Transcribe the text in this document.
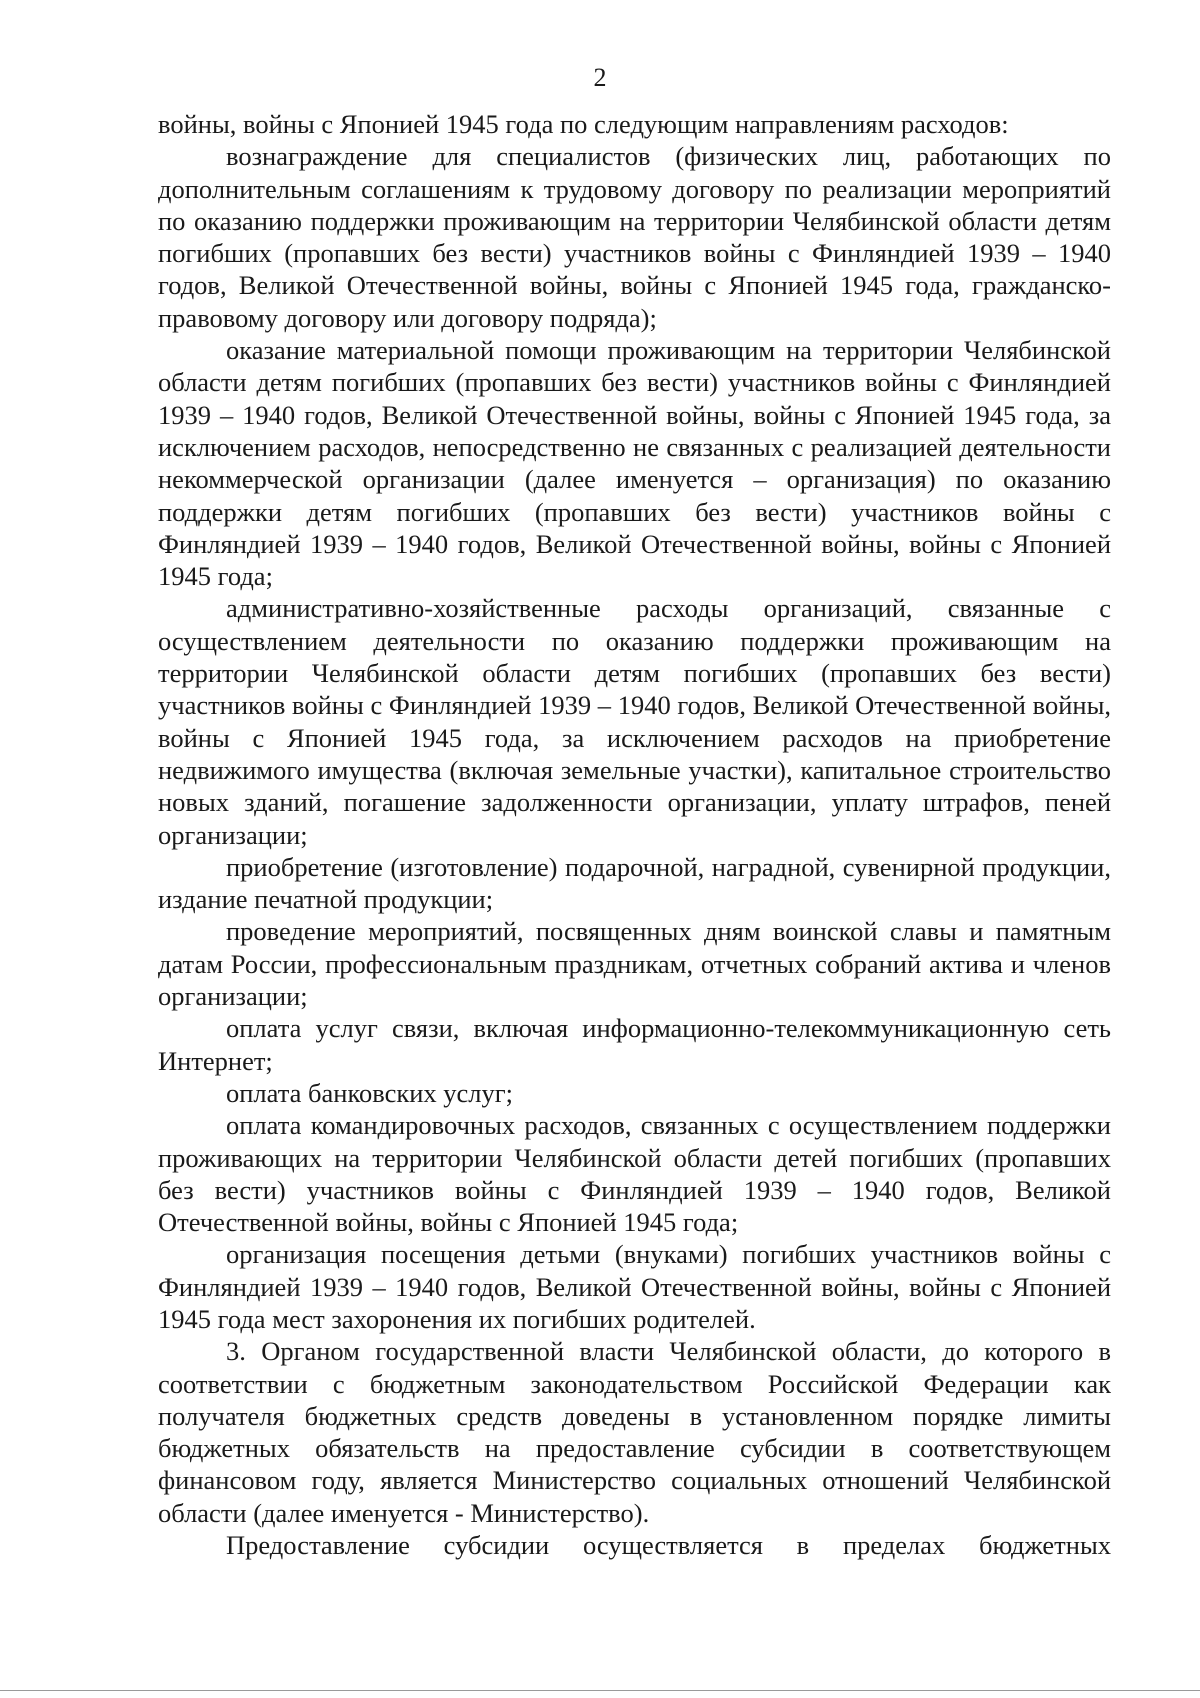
2

войны, войны с Японией 1945 года по следующим направлениям расходов:

вознаграждение для специалистов (физических лиц, работающих по дополнительным соглашениям к трудовому договору по реализации мероприятий по оказанию поддержки проживающим на территории Челябинской области детям погибших (пропавших без вести) участников войны с Финляндией 1939 – 1940 годов, Великой Отечественной войны, войны с Японией 1945 года, гражданско-правовому договору или договору подряда);

оказание материальной помощи проживающим на территории Челябинской области детям погибших (пропавших без вести) участников войны с Финляндией 1939 – 1940 годов, Великой Отечественной войны, войны с Японией 1945 года, за исключением расходов, непосредственно не связанных с реализацией деятельности некоммерческой организации (далее именуется – организация) по оказанию поддержки детям погибших (пропавших без вести) участников войны с Финляндией 1939 – 1940 годов, Великой Отечественной войны, войны с Японией 1945 года;

административно-хозяйственные расходы организаций, связанные с осуществлением деятельности по оказанию поддержки проживающим на территории Челябинской области детям погибших (пропавших без вести) участников войны с Финляндией 1939 – 1940 годов, Великой Отечественной войны, войны с Японией 1945 года, за исключением расходов на приобретение недвижимого имущества (включая земельные участки), капитальное строительство новых зданий, погашение задолженности организации, уплату штрафов, пеней организации;

приобретение (изготовление) подарочной, наградной, сувенирной продукции, издание печатной продукции;

проведение мероприятий, посвященных дням воинской славы и памятным датам России, профессиональным праздникам, отчетных собраний актива и членов организации;

оплата услуг связи, включая информационно-телекоммуникационную сеть Интернет;

оплата банковских услуг;

оплата командировочных расходов, связанных с осуществлением поддержки проживающих на территории Челябинской области детей погибших (пропавших без вести) участников войны с Финляндией 1939 – 1940 годов, Великой Отечественной войны, войны с Японией 1945 года;

организация посещения детьми (внуками) погибших участников войны с Финляндией 1939 – 1940 годов, Великой Отечественной войны, войны с Японией 1945 года мест захоронения их погибших родителей.

3. Органом государственной власти Челябинской области, до которого в соответствии с бюджетным законодательством Российской Федерации как получателя бюджетных средств доведены в установленном порядке лимиты бюджетных обязательств на предоставление субсидии в соответствующем финансовом году, является Министерство социальных отношений Челябинской области (далее именуется - Министерство).

Предоставление субсидии осуществляется в пределах бюджетных
